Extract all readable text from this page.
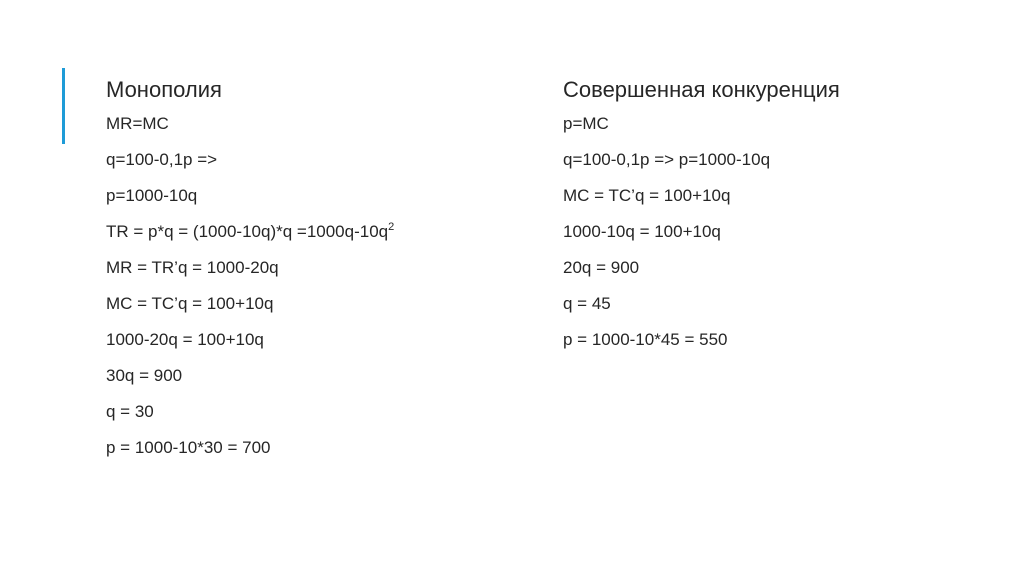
Монополия
MR=MC
q=100-0,1p =>
p=1000-10q
TR = $p*q = (1000-10q)*q =1000q-10q^2$
MR = TR’q = 1000-20q
MC = TC’q = 100+10q
1000-20q = 100+10q
30q = 900
q = 30
p = 1000-10*30 = 700
Совершенная конкуренция
p=MC
q=100-0,1p => p=1000-10q
MC = TC’q = 100+10q
1000-10q = 100+10q
20q = 900
q = 45
p = 1000-10*45 = 550
